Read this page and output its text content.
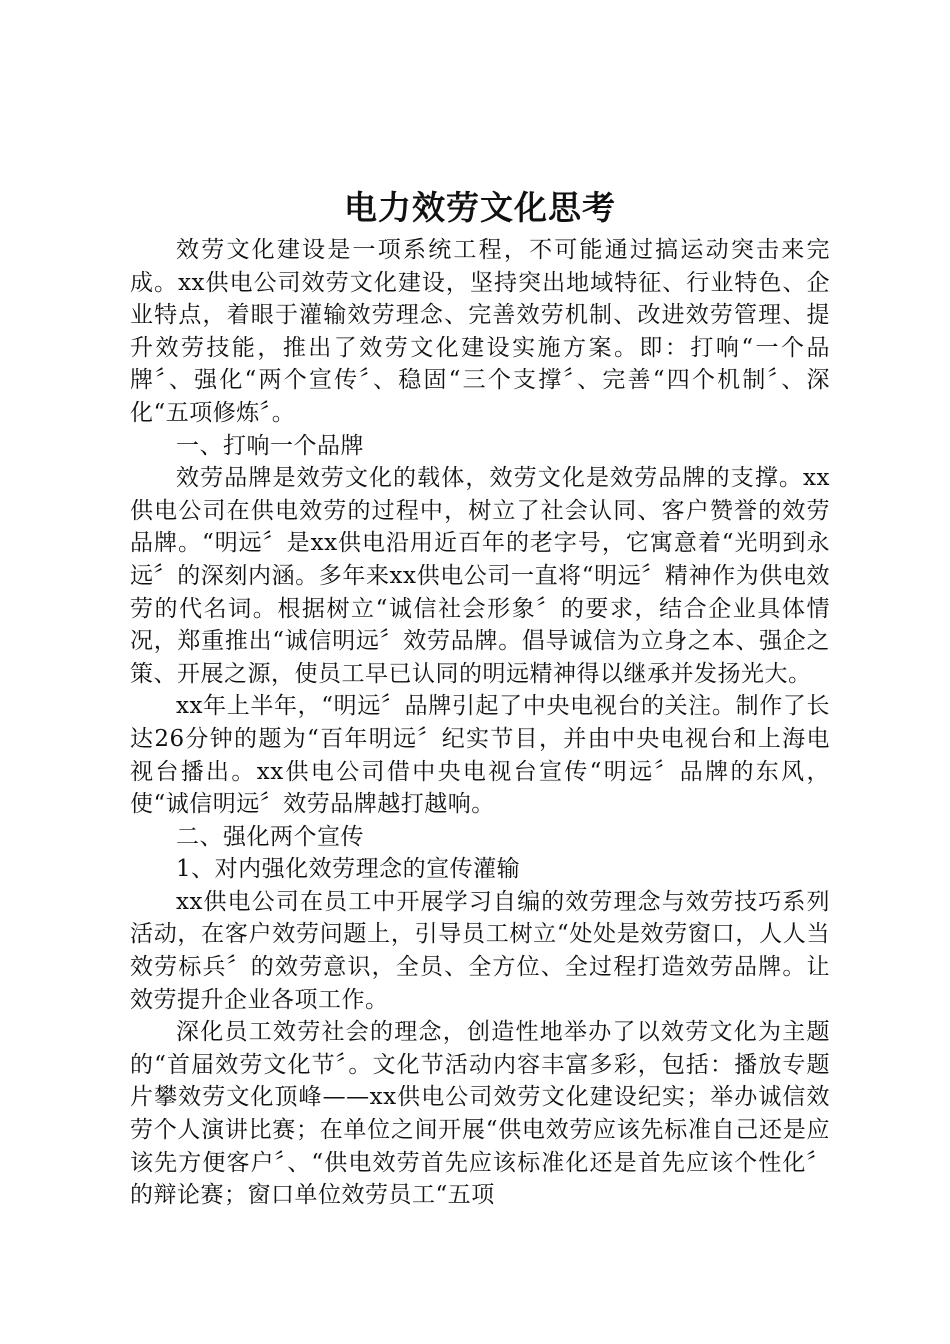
电力效劳文化思考

效劳文化建设是一项系统工程，不可能通过搞运动突击来完成。xx供电公司效劳文化建设，坚持突出地域特征、行业特色、企业特点，着眼于灌输效劳理念、完善效劳机制、改进效劳管理、提升效劳技能，推出了效劳文化建设实施方案。即：打响“一个品牌〞、强化“两个宣传〞、稳固“三个支撑〞、完善“四个机制〞、深化“五项修炼〞。

一、打响一个品牌

效劳品牌是效劳文化的载体，效劳文化是效劳品牌的支撑。xx供电公司在供电效劳的过程中，树立了社会认同、客户赞誉的效劳品牌。“明远〞是xx供电沿用近百年的老字号，它寓意着“光明到永远〞的深刻内涵。多年来xx供电公司一直将“明远〞精神作为供电效劳的代名词。根据树立“诚信社会形象〞的要求，结合企业具体情况，郑重推出“诚信明远〞效劳品牌。倡导诚信为立身之本、强企之策、开展之源，使员工早已认同的明远精神得以继承并发扬光大。

xx年上半年，“明远〞品牌引起了中央电视台的关注。制作了长达26分钟的题为“百年明远〞纪实节目，并由中央电视台和上海电视台播出。xx供电公司借中央电视台宣传“明远〞品牌的东风，使“诚信明远〞效劳品牌越打越响。

二、强化两个宣传

1、对内强化效劳理念的宣传灌输

xx供电公司在员工中开展学习自编的效劳理念与效劳技巧系列活动，在客户效劳问题上，引导员工树立“处处是效劳窗口，人人当效劳标兵〞的效劳意识，全员、全方位、全过程打造效劳品牌。让效劳提升企业各项工作。

深化员工效劳社会的理念，创造性地举办了以效劳文化为主题的“首届效劳文化节〞。文化节活动内容丰富多彩，包括：播放专题片攀效劳文化顶峰——xx供电公司效劳文化建设纪实；举办诚信效劳个人演讲比赛；在单位之间开展“供电效劳应该先标准自己还是应该先方便客户〞、“供电效劳首先应该标准化还是首先应该个性化〞的辩论赛；窗口单位效劳员工“五项
